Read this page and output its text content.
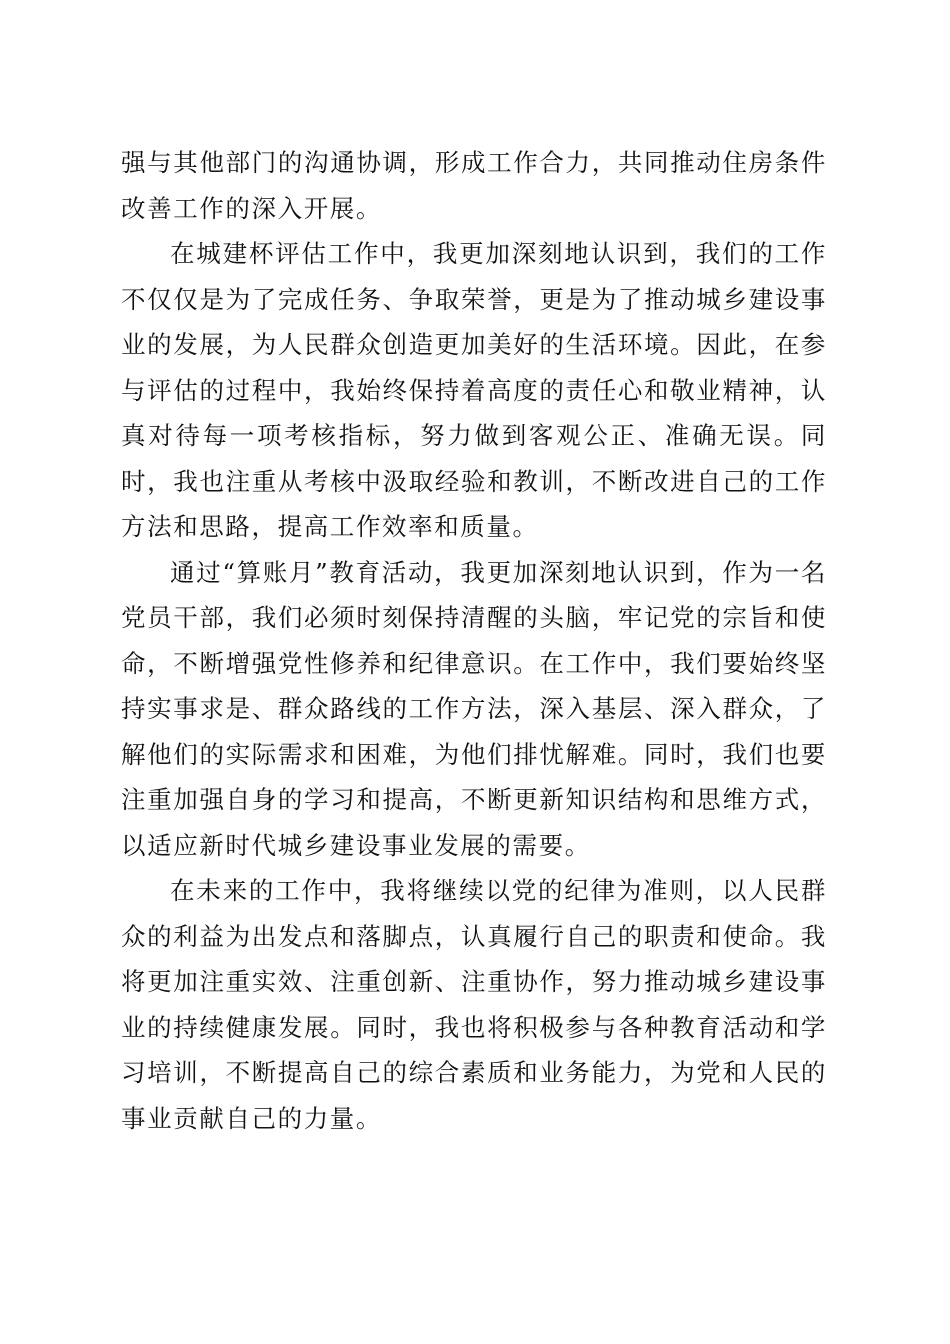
强与其他部门的沟通协调，形成工作合力，共同推动住房条件改善工作的深入开展。

在城建杯评估工作中，我更加深刻地认识到，我们的工作不仅仅是为了完成任务、争取荣誉，更是为了推动城乡建设事业的发展，为人民群众创造更加美好的生活环境。因此，在参与评估的过程中，我始终保持着高度的责任心和敬业精神，认真对待每一项考核指标，努力做到客观公正、准确无误。同时，我也注重从考核中汲取经验和教训，不断改进自己的工作方法和思路，提高工作效率和质量。

通过“算账月”教育活动，我更加深刻地认识到，作为一名党员干部，我们必须时刻保持清醒的头脑，牢记党的宗旨和使命，不断增强党性修养和纪律意识。在工作中，我们要始终坚持实事求是、群众路线的工作方法，深入基层、深入群众，了解他们的实际需求和困难，为他们排忧解难。同时，我们也要注重加强自身的学习和提高，不断更新知识结构和思维方式，以适应新时代城乡建设事业发展的需要。

在未来的工作中，我将继续以党的纪律为准则，以人民群众的利益为出发点和落脚点，认真履行自己的职责和使命。我将更加注重实效、注重创新、注重协作，努力推动城乡建设事业的持续健康发展。同时，我也将积极参与各种教育活动和学习培训，不断提高自己的综合素质和业务能力，为党和人民的事业贡献自己的力量。
